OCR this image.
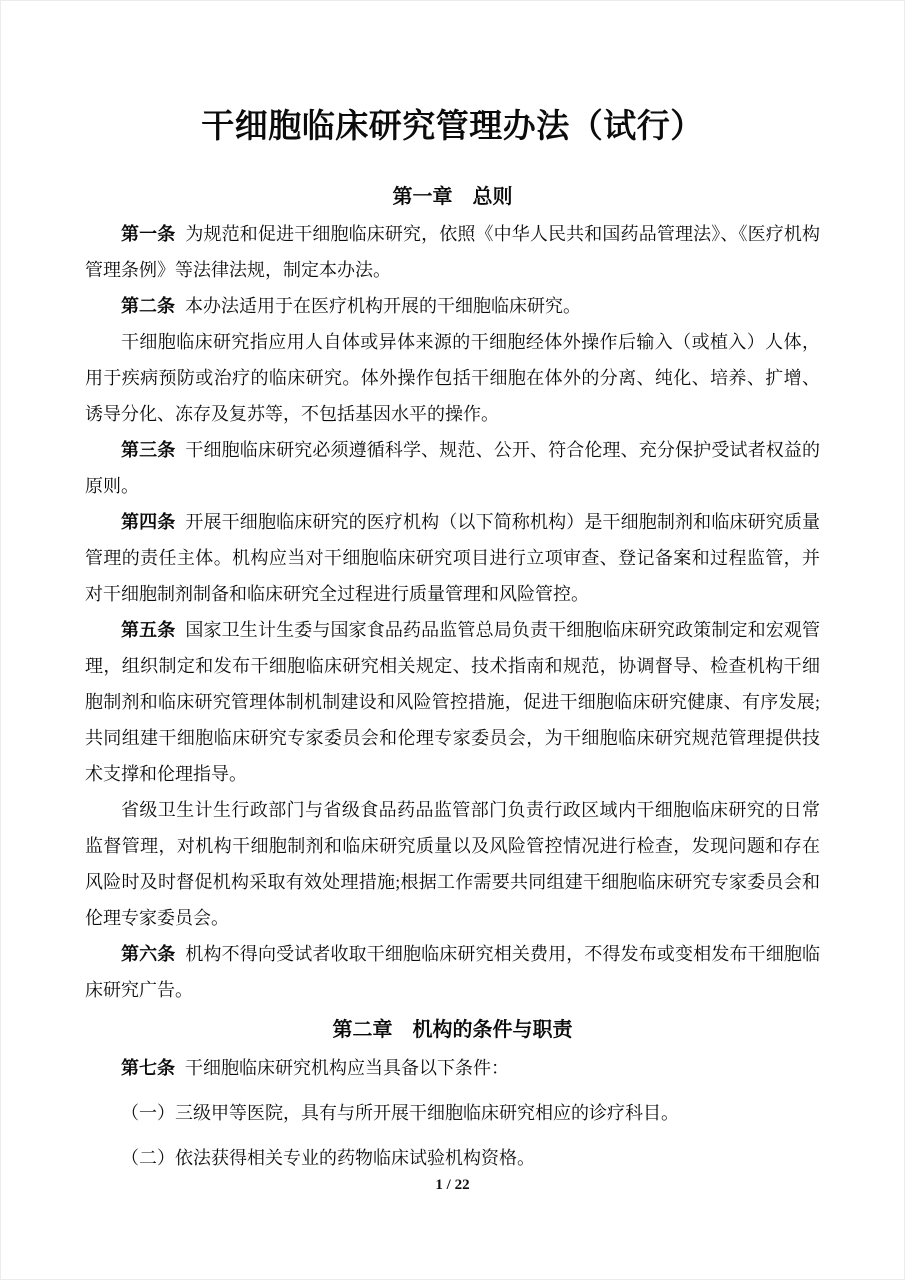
干细胞临床研究管理办法（试行）
第一章　总则

第一条 为规范和促进干细胞临床研究，依照《中华人民共和国药品管理法》、《医疗机构管理条例》等法律法规，制定本办法。

第二条 本办法适用于在医疗机构开展的干细胞临床研究。

干细胞临床研究指应用人自体或异体来源的干细胞经体外操作后输入（或植入）人体，用于疾病预防或治疗的临床研究。体外操作包括干细胞在体外的分离、纯化、培养、扩增、诱导分化、冻存及复苏等，不包括基因水平的操作。

第三条 干细胞临床研究必须遵循科学、规范、公开、符合伦理、充分保护受试者权益的原则。

第四条 开展干细胞临床研究的医疗机构（以下简称机构）是干细胞制剂和临床研究质量管理的责任主体。机构应当对干细胞临床研究项目进行立项审查、登记备案和过程监管，并对干细胞制剂制备和临床研究全过程进行质量管理和风险管控。

第五条 国家卫生计生委与国家食品药品监管总局负责干细胞临床研究政策制定和宏观管理，组织制定和发布干细胞临床研究相关规定、技术指南和规范，协调督导、检查机构干细胞制剂和临床研究管理体制机制建设和风险管控措施，促进干细胞临床研究健康、有序发展;共同组建干细胞临床研究专家委员会和伦理专家委员会，为干细胞临床研究规范管理提供技术支撑和伦理指导。

省级卫生计生行政部门与省级食品药品监管部门负责行政区域内干细胞临床研究的日常监督管理，对机构干细胞制剂和临床研究质量以及风险管控情况进行检查，发现问题和存在风险时及时督促机构采取有效处理措施;根据工作需要共同组建干细胞临床研究专家委员会和伦理专家委员会。

第六条 机构不得向受试者收取干细胞临床研究相关费用，不得发布或变相发布干细胞临床研究广告。

第二章　机构的条件与职责

第七条 干细胞临床研究机构应当具备以下条件：

（一）三级甲等医院，具有与所开展干细胞临床研究相应的诊疗科目。

（二）依法获得相关专业的药物临床试验机构资格。

1 / 22
